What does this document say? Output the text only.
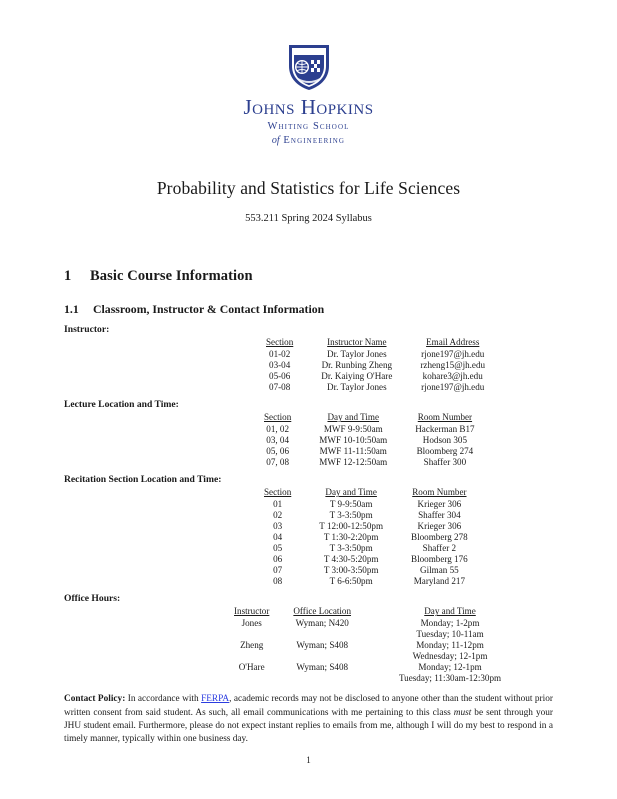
Johns Hopkins
Whiting School
of Engineering
Probability and Statistics for Life Sciences
553.211 Spring 2024 Syllabus
1 Basic Course Information
1.1 Classroom, Instructor & Contact Information
Instructor:
Section	Instructor Name	Email Address
01-02	Dr. Taylor Jones	rjone197@jh.edu
03-04	Dr. Runbing Zheng	rzheng15@jh.edu
05-06	Dr. Kaiying O'Hare	kohare3@jh.edu
07-08	Dr. Taylor Jones	rjone197@jh.edu
Lecture Location and Time:
Section	Day and Time	Room Number
01, 02	MWF 9-9:50am	Hackerman B17
03, 04	MWF 10-10:50am	Hodson 305
05, 06	MWF 11-11:50am	Bloomberg 274
07, 08	MWF 12-12:50am	Shaffer 300
Recitation Section Location and Time:
Section	Day and Time	Room Number
01	T 9-9:50am	Krieger 306
02	T 3-3:50pm	Shaffer 304
03	T 12:00-12:50pm	Krieger 306
04	T 1:30-2:20pm	Bloomberg 278
05	T 3-3:50pm	Shaffer 2
06	T 4:30-5:20pm	Bloomberg 176
07	T 3:00-3:50pm	Gilman 55
08	T 6-6:50pm	Maryland 217
Office Hours:
Instructor	Office Location	Day and Time
Jones	Wyman; N420	Monday; 1-2pm
		Tuesday; 10-11am
Zheng	Wyman; S408	Monday; 11-12pm
		Wednesday; 12-1pm
O'Hare	Wyman; S408	Monday; 12-1pm
		Tuesday; 11:30am-12:30pm

Contact Policy: In accordance with FERPA, academic records may not be disclosed to anyone other than the student without prior written consent from said student. As such, all email communications with me pertaining to this class must be sent through your JHU student email. Furthermore, please do not expect instant replies to emails from me, although I will do my best to respond in a timely manner, typically within one business day.

1
